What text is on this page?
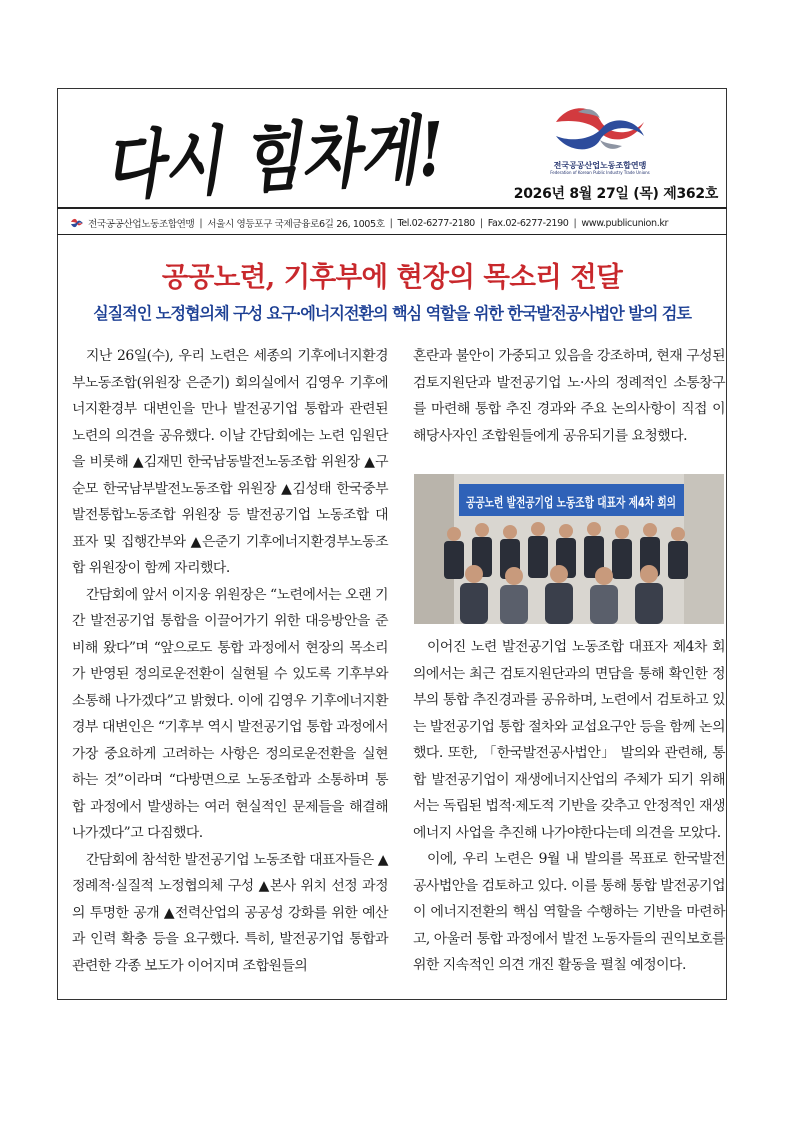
다시 힘차게!	전국공공산업노동조합연맹
Federation of Korean Public Industry Trade Unions
2026년 8월 27일 (목) 제362호
전국공공산업노동조합연맹 | 서울시 영등포구 국제금융로6길 26, 1005호 | Tel.02-6277-2180 | Fax.02-6277-2190 | www.publicunion.kr
공공노련, 기후부에 현장의 목소리 전달
실질적인 노정협의체 구성 요구·에너지전환의 핵심 역할을 위한 한국발전공사법안 발의 검토

지난 26일(수), 우리 노련은 세종의 기후에너지환경부노동조합(위원장 은준기) 회의실에서 김영우 기후에너지환경부 대변인을 만나 발전공기업 통합과 관련된 노련의 의견을 공유했다. 이날 간담회에는 노련 임원단을 비롯해 ▲김재민 한국남동발전노동조합 위원장 ▲구순모 한국남부발전노동조합 위원장 ▲김성태 한국중부발전통합노동조합 위원장 등 발전공기업 노동조합 대표자 및 집행간부와 ▲은준기 기후에너지환경부노동조합 위원장이 함께 자리했다.

간담회에 앞서 이지웅 위원장은 “노련에서는 오랜 기간 발전공기업 통합을 이끌어가기 위한 대응방안을 준비해 왔다”며 “앞으로도 통합 과정에서 현장의 목소리가 반영된 정의로운전환이 실현될 수 있도록 기후부와 소통해 나가겠다”고 밝혔다. 이에 김영우 기후에너지환경부 대변인은 “기후부 역시 발전공기업 통합 과정에서 가장 중요하게 고려하는 사항은 정의로운전환을 실현하는 것”이라며 “다방면으로 노동조합과 소통하며 통합 과정에서 발생하는 여러 현실적인 문제들을 해결해 나가겠다”고 다짐했다.

간담회에 참석한 발전공기업 노동조합 대표자들은 ▲정례적·실질적 노정협의체 구성 ▲본사 위치 선정 과정의 투명한 공개 ▲전력산업의 공공성 강화를 위한 예산과 인력 확충 등을 요구했다. 특히, 발전공기업 통합과 관련한 각종 보도가 이어지며 조합원들의

혼란과 불안이 가중되고 있음을 강조하며, 현재 구성된 검토지원단과 발전공기업 노·사의 정례적인 소통창구를 마련해 통합 추진 경과와 주요 논의사항이 직접 이해당사자인 조합원들에게 공유되기를 요청했다.

공공노련 발전공기업 노동조합 대표자 제4차 회의

이어진 노련 발전공기업 노동조합 대표자 제4차 회의에서는 최근 검토지원단과의 면담을 통해 확인한 정부의 통합 추진경과를 공유하며, 노련에서 검토하고 있는 발전공기업 통합 절차와 교섭요구안 등을 함께 논의했다. 또한, 「한국발전공사법안」 발의와 관련해, 통합 발전공기업이 재생에너지산업의 주체가 되기 위해서는 독립된 법적·제도적 기반을 갖추고 안정적인 재생에너지 사업을 추진해 나가야한다는데 의견을 모았다.

이에, 우리 노련은 9월 내 발의를 목표로 한국발전공사법안을 검토하고 있다. 이를 통해 통합 발전공기업이 에너지전환의 핵심 역할을 수행하는 기반을 마련하고, 아울러 통합 과정에서 발전 노동자들의 권익보호를 위한 지속적인 의견 개진 활동을 펼칠 예정이다.
